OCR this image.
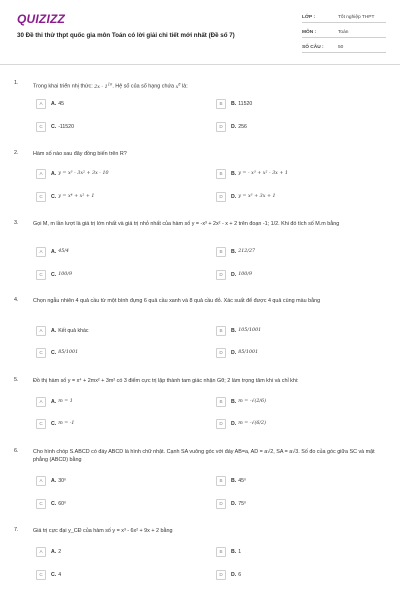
QUIZIZZ
30 Đề thi thử thpt quốc gia môn Toán có lời giải chi tiết mới nhất (Đề số 7)
LỚP :	Tốt nghiệp THPT
MÔN :	Toán
SỐ CÂU :	50
1.
Trong khai triển nhị thức: $2x - 1^{10}$. Hệ số của số hạng chứa $x^8$ là:
A	A. 45	B	B. 11520
C	C. -11520	D	D. 256
2.	Hàm số nào sau đây đồng biến trên R?
A	A. y = x³ - 3x² + 3x - 10	B	B. y = - x³ + x² - 3x + 1
C	C. y = x⁴ + x² + 1	D	D. y = x³ + 3x + 1
3.	Gọi M, m lần lượt là giá trị lớn nhất và giá trị nhỏ nhất của hàm số y = -x³ + 2x² - x + 2 trên đoạn -1; 1/2. Khi đó tích số M.m bằng
A	A. 45/4	B	B. 212/27
C	C. 100/9	D	D. 100/9
4.	Chọn ngẫu nhiên 4 quả cầu từ một bình đựng 6 quả cầu xanh và 8 quả cầu đỏ. Xác suất để được 4 quả cùng màu bằng
A	A. Kết quả khác	B	B. 105/1001
C	C. 85/1001	D	D. 85/1001
5.	Đồ thị hàm số y = x⁴ + 2mx² + 3m² có 3 điểm cực trị lập thành tam giác nhận Gθ; 2 làm trọng tâm khi và chỉ khi:
A	A. m = 1	B	B. m = -√(2/6)
C	C. m = -1	D	D. m = -√(6/2)
6.	Cho hình chóp S.ABCD có đáy ABCD là hình chữ nhật. Cạnh SA vuông góc với đáy AB=a, AD = a√2, SA = a√3. Số đo của góc giữa SC và mặt phẳng (ABCD) bằng
A	A. 30⁰	B	B. 45⁰
C	C. 60⁰	D	D. 75⁰
7.	Giá trị cực đại y_CĐ của hàm số y = x³ - 6x² + 9x + 2 bằng
A	A. 2	B	B. 1
C	C. 4	D	D. 6
